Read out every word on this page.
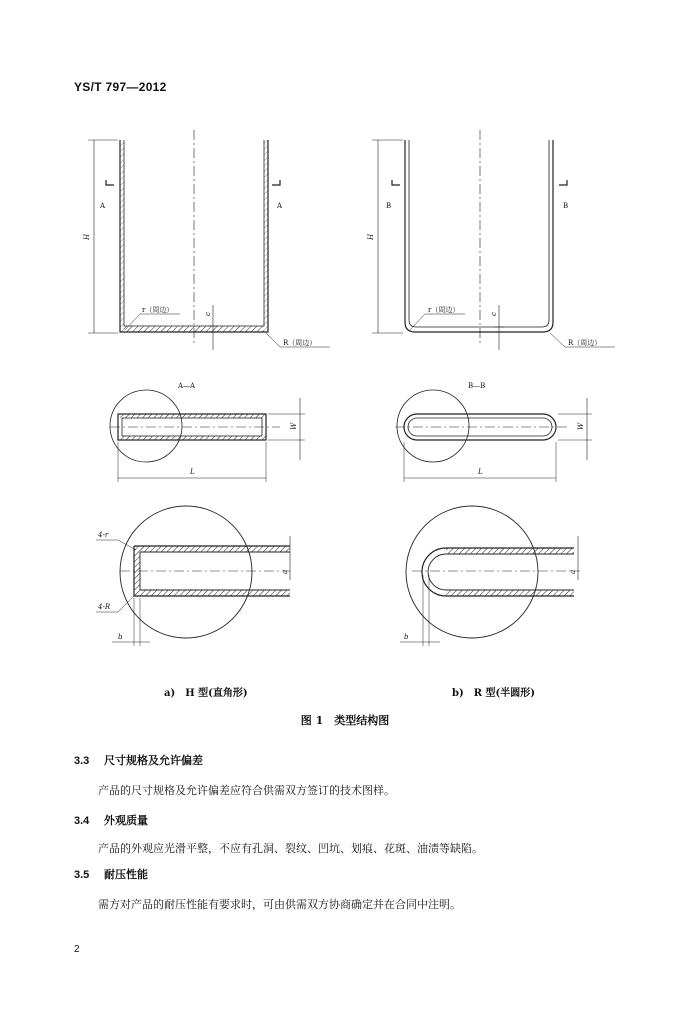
YS/T 797—2012
A	A
H
r（周边）
c
R（周边）
B	B
H
r（周边）
c
R（周边）
A—A	B—B
W	W
L	L
4-r
4-R
b	b
a	a
a)　H 型(直角形)	b)　R 型(半圆形)
图 1　类型结构图
3.3 尺寸规格及允许偏差
产品的尺寸规格及允许偏差应符合供需双方签订的技术图样。
3.4 外观质量
产品的外观应光滑平整，不应有孔洞、裂纹、凹坑、划痕、花斑、油渍等缺陷。
3.5 耐压性能
需方对产品的耐压性能有要求时，可由供需双方协商确定并在合同中注明。
2
